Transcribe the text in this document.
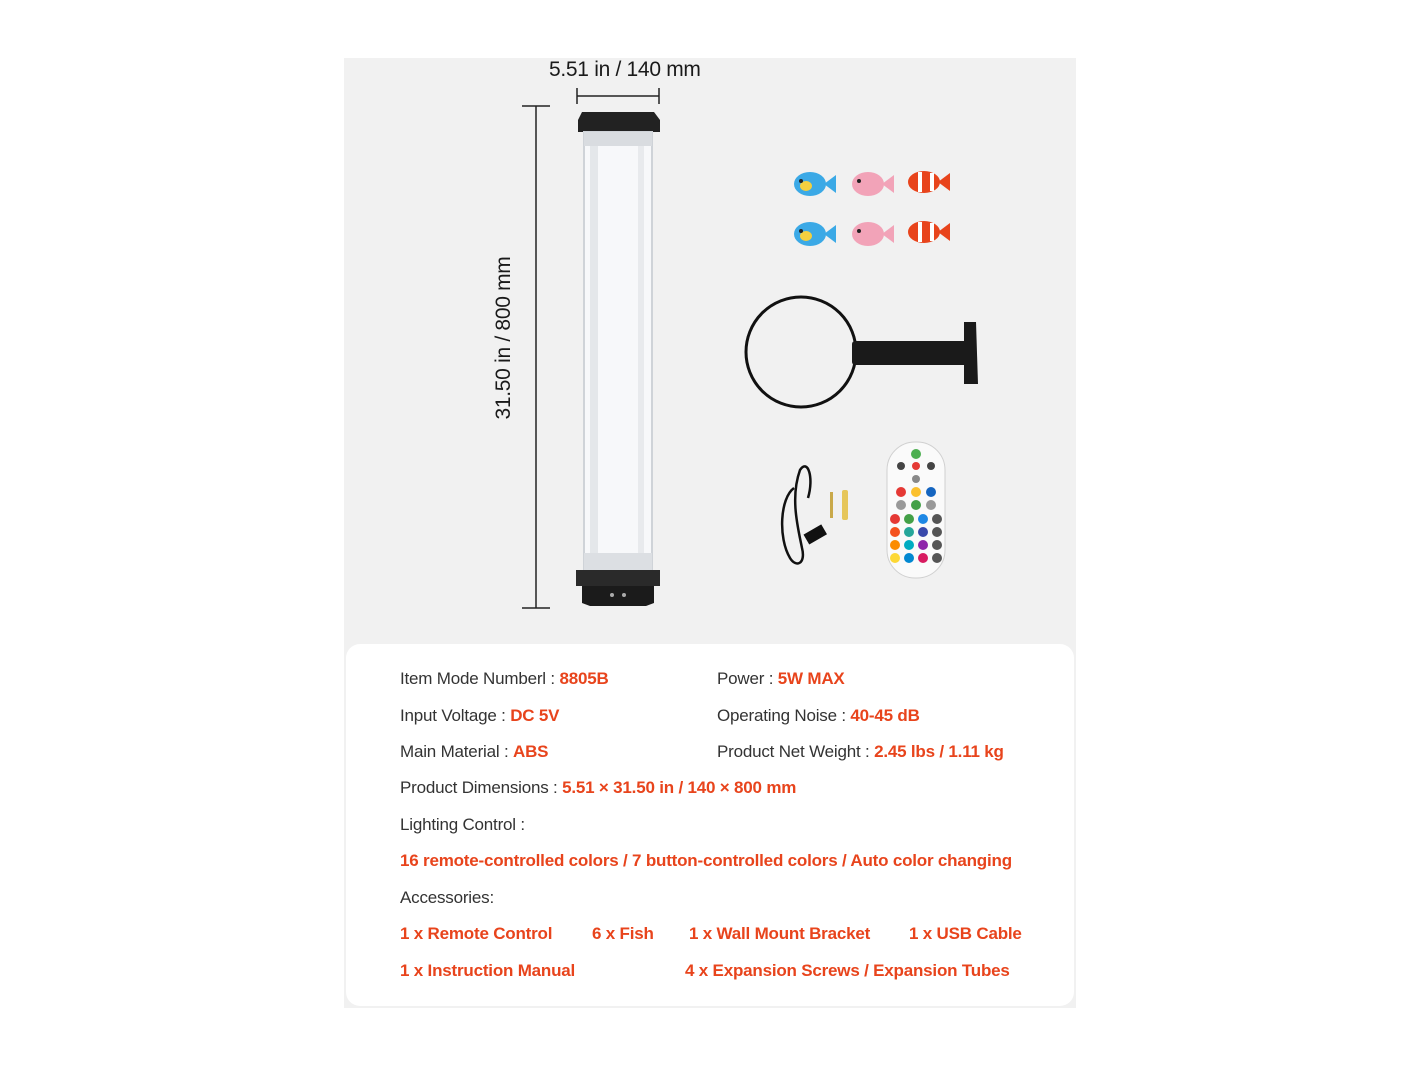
5.51 in / 140 mm
31.50 in / 800 mm
Item Mode Numberl : 8805B	Power : 5W MAX
Input Voltage : DC 5V	Operating Noise : 40-45 dB
Main Material : ABS	Product Net Weight : 2.45 lbs / 1.11 kg
Product Dimensions : 5.51 × 31.50 in / 140 × 800 mm
Lighting Control :
16 remote-controlled colors / 7 button-controlled colors / Auto color changing
Accessories:
1 x Remote Control 6 x Fish 1 x Wall Mount Bracket 1 x USB Cable
1 x Instruction Manual	4 x Expansion Screws / Expansion Tubes
